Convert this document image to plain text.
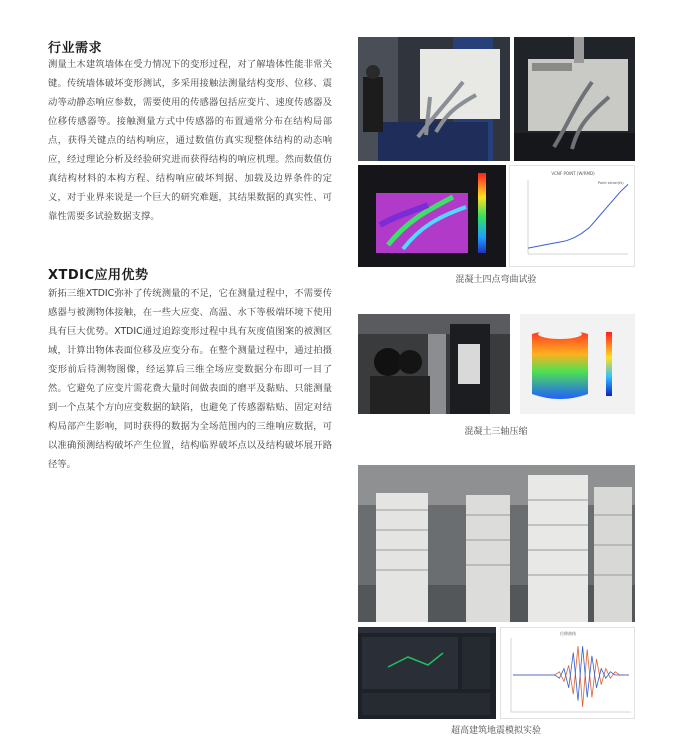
行业需求
测量土木建筑墙体在受力情况下的变形过程，对了解墙体性能非常关键。传统墙体破坏变形测试，多采用接触法测量结构变形、位移、震动等动静态响应参数，需要使用的传感器包括应变片、速度传感器及位移传感器等。接触测量方式中传感器的布置通常分布在结构局部点，获得关键点的结构响应，通过数值仿真实现整体结构的动态响应，经过理论分析及经验研究进而获得结构的响应机理。然而数值仿真结构材料的本构方程、结构响应破坏判据、加载及边界条件的定义，对于业界来说是一个巨大的研究难题，其结果数据的真实性、可靠性需要多试验数据支撑。
XTDIC应用优势
新拓三维XTDIC弥补了传统测量的不足，它在测量过程中，不需要传感器与被测物体接触，在一些大应变、高温、水下等极端环境下使用具有巨大优势。XTDIC通过追踪变形过程中具有灰度值图案的被测区域，计算出物体表面位移及应变分布。在整个测量过程中，通过拍摄变形前后待测物图像，经运算后三维全场应变数据分布即可一目了然。它避免了应变片需花费大量时间做表面的磨平及黏贴、只能测量到一个点某个方向应变数据的缺陷，也避免了传感器粘贴、固定对结构局部产生影响，同时获得的数据为全场范围内的三维响应数据，可以准确预测结构破坏产生位置，结构临界破坏点以及结构破坏展开路径等。
VCNF POINT (W/RMD)
Point strain(fs)
混凝土四点弯曲试验
混凝土三轴压缩
位移曲线
超高建筑地震模拟实验
